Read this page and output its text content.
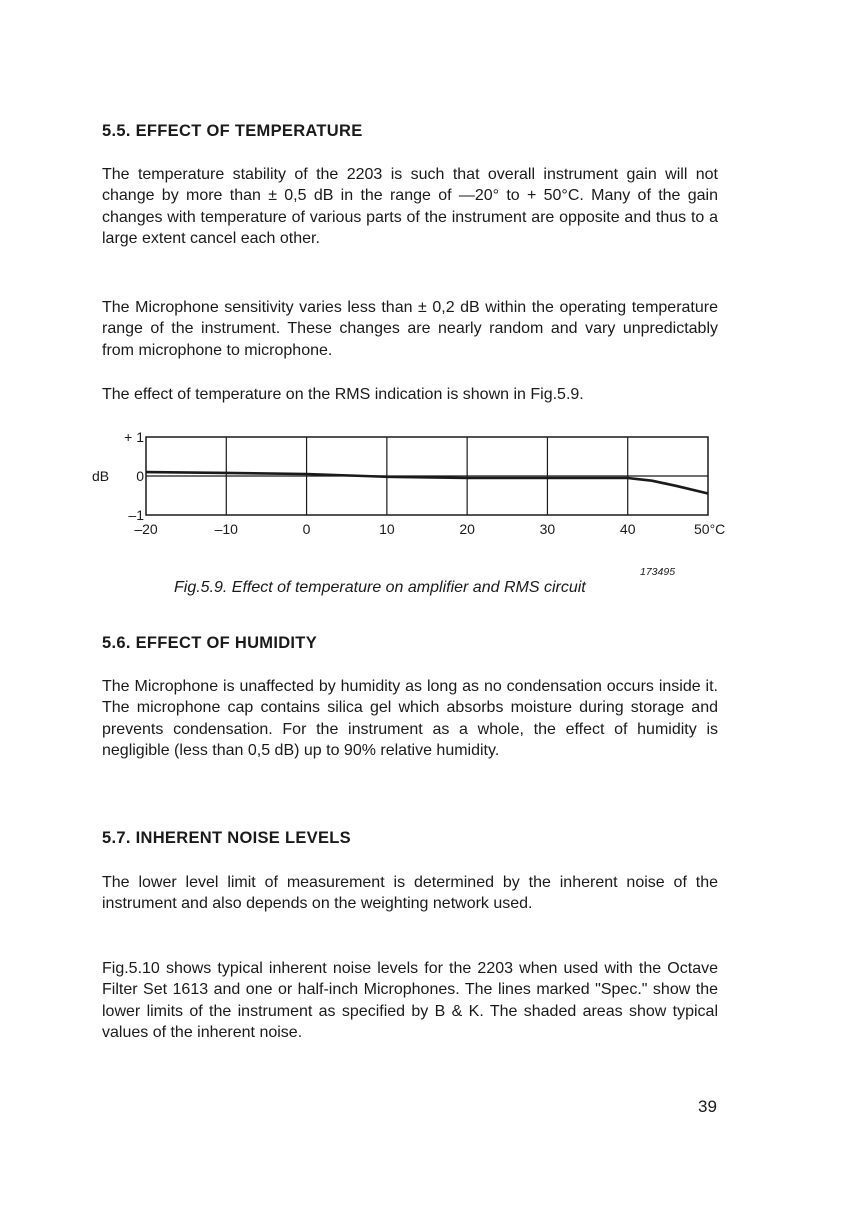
5.5. EFFECT OF TEMPERATURE

The temperature stability of the 2203 is such that overall instrument gain will not change by more than ± 0,5 dB in the range of —20° to + 50°C. Many of the gain changes with temperature of various parts of the instrument are opposite and thus to a large extent cancel each other.

The Microphone sensitivity varies less than ± 0,2 dB within the operating temperature range of the instrument. These changes are nearly random and vary unpredictably from microphone to microphone.

The effect of temperature on the RMS indication is shown in Fig.5.9.

–20	–10	0	10	20	30	40	50°C
+ 1
0
–1
dB
173495
Fig.5.9. Effect of temperature on amplifier and RMS circuit
5.6. EFFECT OF HUMIDITY

The Microphone is unaffected by humidity as long as no condensation occurs inside it. The microphone cap contains silica gel which absorbs moisture during storage and prevents condensation. For the instrument as a whole, the effect of humidity is negligible (less than 0,5 dB) up to 90% relative humidity.

5.7. INHERENT NOISE LEVELS

The lower level limit of measurement is determined by the inherent noise of the instrument and also depends on the weighting network used.

Fig.5.10 shows typical inherent noise levels for the 2203 when used with the Octave Filter Set 1613 and one or half-inch Microphones. The lines marked "Spec." show the lower limits of the instrument as specified by B & K. The shaded areas show typical values of the inherent noise.

39
